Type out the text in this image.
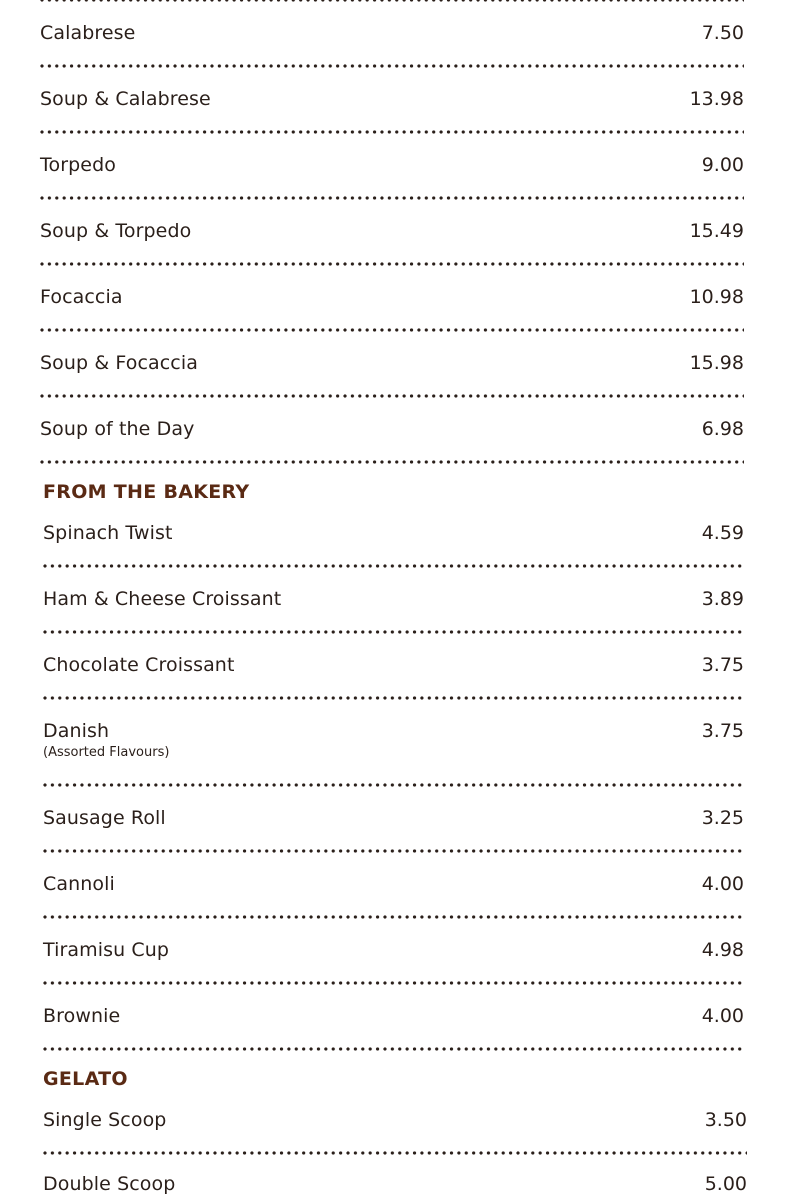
Calabrese	7.50
Soup & Calabrese	13.98
Torpedo	9.00
Soup & Torpedo	15.49
Focaccia	10.98
Soup & Focaccia	15.98
Soup of the Day	6.98
FROM THE BAKERY
Spinach Twist	4.59
Ham & Cheese Croissant	3.89
Chocolate Croissant	3.75
Danish	3.75
(Assorted Flavours)
Sausage Roll	3.25
Cannoli	4.00
Tiramisu Cup	4.98
Brownie	4.00
GELATO
Single Scoop	3.50
Double Scoop	5.00
